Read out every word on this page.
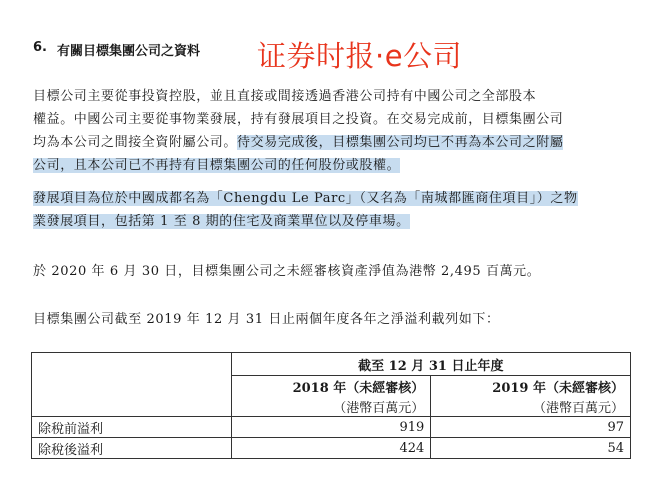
6. 有關目標集團公司之資料 证券时报·e公司
目標公司主要從事投資控股，並且直接或間接透過香港公司持有中國公司之全部股本
權益。中國公司主要從事物業發展，持有發展項目之投資。在交易完成前，目標集團公司
均為本公司之間接全資附屬公司。待交易完成後，目標集團公司均已不再為本公司之附屬
公司，且本公司已不再持有目標集團公司的任何股份或股權。
發展項目為位於中國成都名為「Chengdu Le Parc」（又名為「南城都匯商住項目」）之物
業發展項目，包括第 1 至 8 期的住宅及商業單位以及停車場。
於 2020 年 6 月 30 日，目標集團公司之未經審核資產淨值為港幣 2,495 百萬元。
目標集團公司截至 2019 年 12 月 31 日止兩個年度各年之淨溢利載列如下：
	截至 12 月 31 日止年度	
	2018 年（未經審核）	2019 年（未經審核）
	（港幣百萬元）	（港幣百萬元）
除稅前溢利	919	97
除稅後溢利	424	54
